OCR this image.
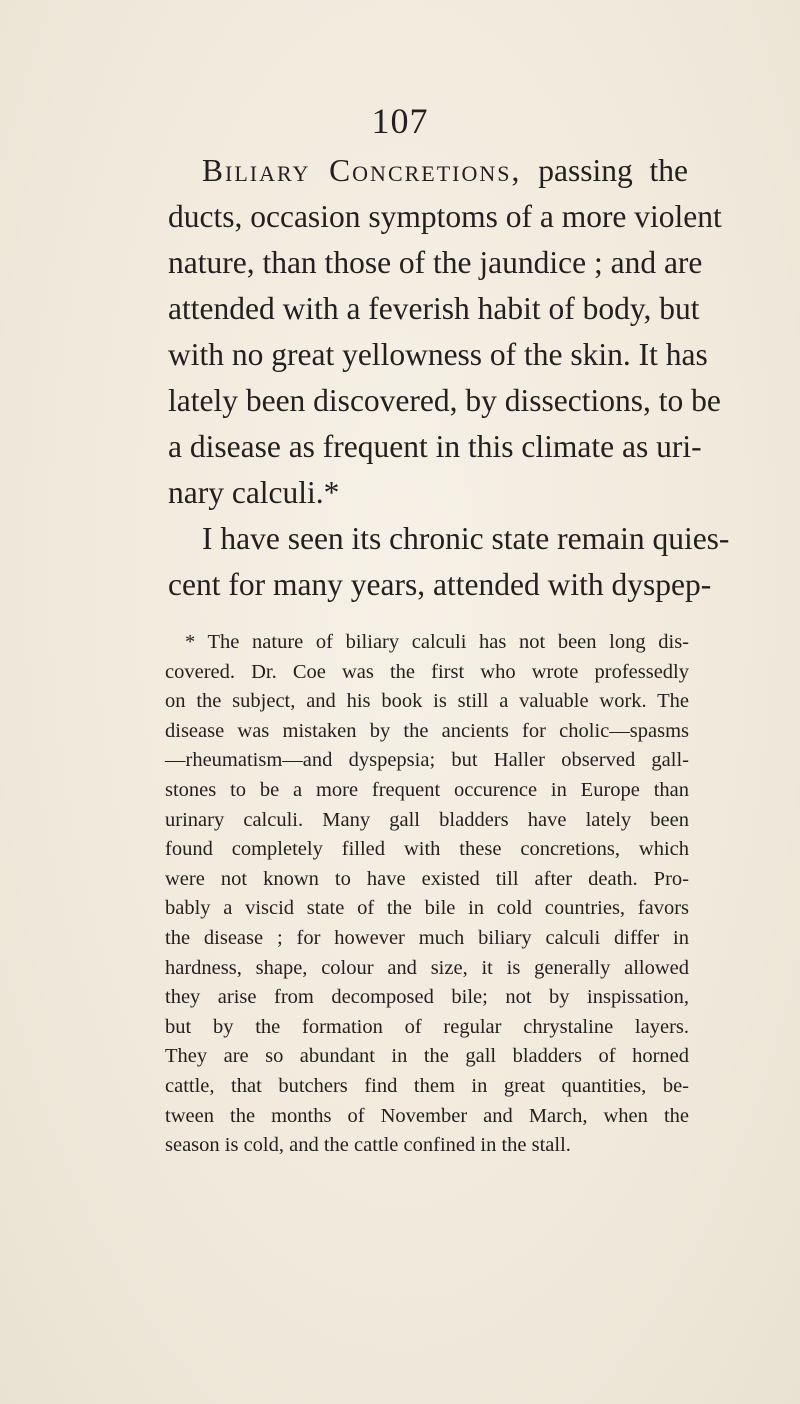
107
Biliary Concretions, passing the
ducts, occasion symptoms of a more violent
nature, than those of the jaundice ; and are
attended with a feverish habit of body, but
with no great yellowness of the skin. It has
lately been discovered, by dissections, to be
a disease as frequent in this climate as uri-
nary calculi.*
I have seen its chronic state remain quies-
cent for many years, attended with dyspep-
* The nature of biliary calculi has not been long dis-
covered. Dr. Coe was the first who wrote professedly
on the subject, and his book is still a valuable work. The
disease was mistaken by the ancients for cholic—spasms
—rheumatism—and dyspepsia; but Haller observed gall-
stones to be a more frequent occurence in Europe than
urinary calculi. Many gall bladders have lately been
found completely filled with these concretions, which
were not known to have existed till after death. Pro-
bably a viscid state of the bile in cold countries, favors
the disease ; for however much biliary calculi differ in
hardness, shape, colour and size, it is generally allowed
they arise from decomposed bile; not by inspissation,
but by the formation of regular chrystaline layers.
They are so abundant in the gall bladders of horned
cattle, that butchers find them in great quantities, be-
tween the months of November and March, when the
season is cold, and the cattle confined in the stall.
